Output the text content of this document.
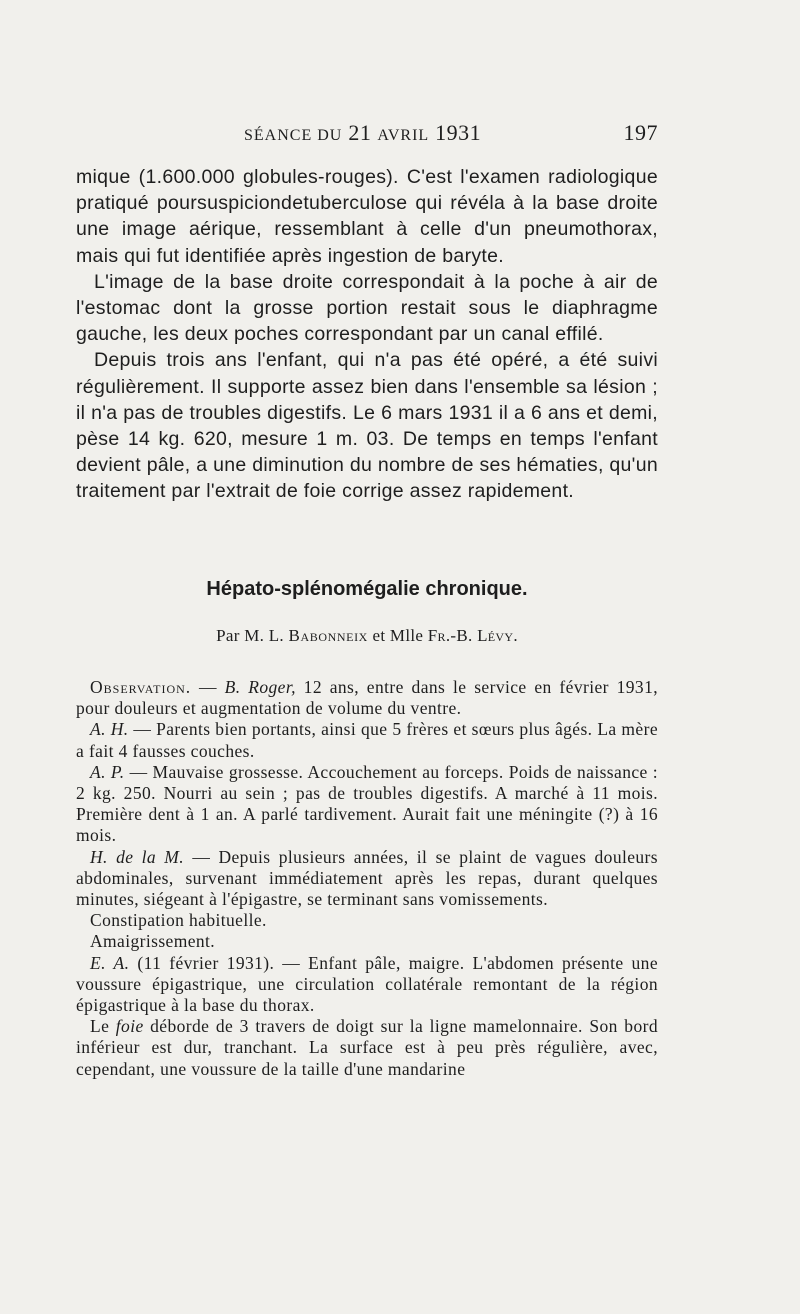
SÉANCE DU 21 AVRIL 1931	197

mique (1.600.000 globules-rouges). C'est l'examen radiologique pratiqué poursuspiciondetuberculose qui révéla à la base droite une image aérique, ressemblant à celle d'un pneumothorax, mais qui fut identifiée après ingestion de baryte.

L'image de la base droite correspondait à la poche à air de l'estomac dont la grosse portion restait sous le diaphragme gauche, les deux poches correspondant par un canal effilé.

Depuis trois ans l'enfant, qui n'a pas été opéré, a été suivi régulièrement. Il supporte assez bien dans l'ensemble sa lésion ; il n'a pas de troubles digestifs. Le 6 mars 1931 il a 6 ans et demi, pèse 14 kg. 620, mesure 1 m. 03. De temps en temps l'enfant devient pâle, a une diminution du nombre de ses hématies, qu'un traitement par l'extrait de foie corrige assez rapidement.

Hépato-splénomégalie chronique.
Par M. L. Babonneix et Mlle Fr.-B. Lévy.

Observation. — B. Roger, 12 ans, entre dans le service en février 1931, pour douleurs et augmentation de volume du ventre.

A. H. — Parents bien portants, ainsi que 5 frères et sœurs plus âgés. La mère a fait 4 fausses couches.

A. P. — Mauvaise grossesse. Accouchement au forceps. Poids de naissance : 2 kg. 250. Nourri au sein ; pas de troubles digestifs. A marché à 11 mois. Première dent à 1 an. A parlé tardivement. Aurait fait une méningite (?) à 16 mois.

H. de la M. — Depuis plusieurs années, il se plaint de vagues douleurs abdominales, survenant immédiatement après les repas, durant quelques minutes, siégeant à l'épigastre, se terminant sans vomissements.

Constipation habituelle.

Amaigrissement.

E. A. (11 février 1931). — Enfant pâle, maigre. L'abdomen présente une voussure épigastrique, une circulation collatérale remontant de la région épigastrique à la base du thorax.

Le foie déborde de 3 travers de doigt sur la ligne mamelonnaire. Son bord inférieur est dur, tranchant. La surface est à peu près régulière, avec, cependant, une voussure de la taille d'une mandarine
